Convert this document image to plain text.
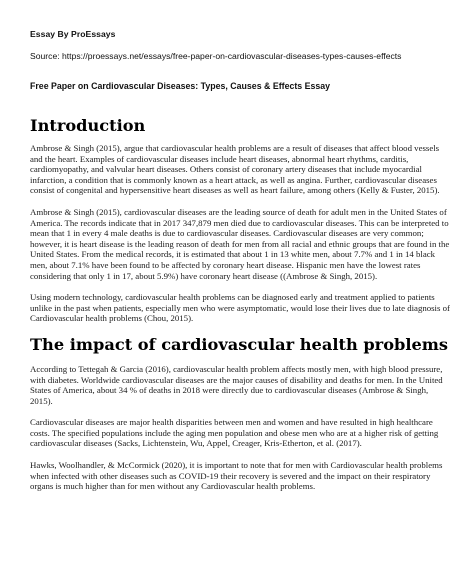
Essay By ProEssays
Source: https://proessays.net/essays/free-paper-on-cardiovascular-diseases-types-causes-effects
Free Paper on Cardiovascular Diseases: Types, Causes & Effects Essay
Introduction

Ambrose & Singh (2015), argue that cardiovascular health problems are a result of diseases that affect blood vessels and the heart. Examples of cardiovascular diseases include heart diseases, abnormal heart rhythms, carditis, cardiomyopathy, and valvular heart diseases. Others consist of coronary artery diseases that include myocardial infarction, a condition that is commonly known as a heart attack, as well as angina. Further, cardiovascular diseases consist of congenital and hypersensitive heart diseases as well as heart failure, among others (Kelly & Fuster, 2015).

Ambrose & Singh (2015), cardiovascular diseases are the leading source of death for adult men in the United States of America. The records indicate that in 2017 347,879 men died due to cardiovascular diseases. This can be interpreted to mean that 1 in every 4 male deaths is due to cardiovascular diseases. Cardiovascular diseases are very common; however, it is heart disease is the leading reason of death for men from all racial and ethnic groups that are found in the United States. From the medical records, it is estimated that about 1 in 13 white men, about 7.7% and 1 in 14 black men, about 7.1% have been found to be affected by coronary heart disease. Hispanic men have the lowest rates considering that only 1 in 17, about 5.9%) have coronary heart disease ((Ambrose & Singh, 2015).

Using modern technology, cardiovascular health problems can be diagnosed early and treatment applied to patients unlike in the past when patients, especially men who were asymptomatic, would lose their lives due to late diagnosis of Cardiovascular health problems (Chou, 2015).

The impact of cardiovascular health problems

According to Tettegah & Garcia (2016), cardiovascular health problem affects mostly men, with high blood pressure, with diabetes. Worldwide cardiovascular diseases are the major causes of disability and deaths for men. In the United States of America, about 34 % of deaths in 2018 were directly due to cardiovascular diseases (Ambrose & Singh, 2015).

Cardiovascular diseases are major health disparities between men and women and have resulted in high healthcare costs. The specified populations include the aging men population and obese men who are at a higher risk of getting cardiovascular diseases (Sacks, Lichtenstein, Wu, Appel, Creager, Kris-Etherton, et al. (2017).

Hawks, Woolhandler, & McCormick (2020), it is important to note that for men with Cardiovascular health problems when infected with other diseases such as COVID-19 their recovery is severed and the impact on their respiratory organs is much higher than for men without any Cardiovascular health problems.
